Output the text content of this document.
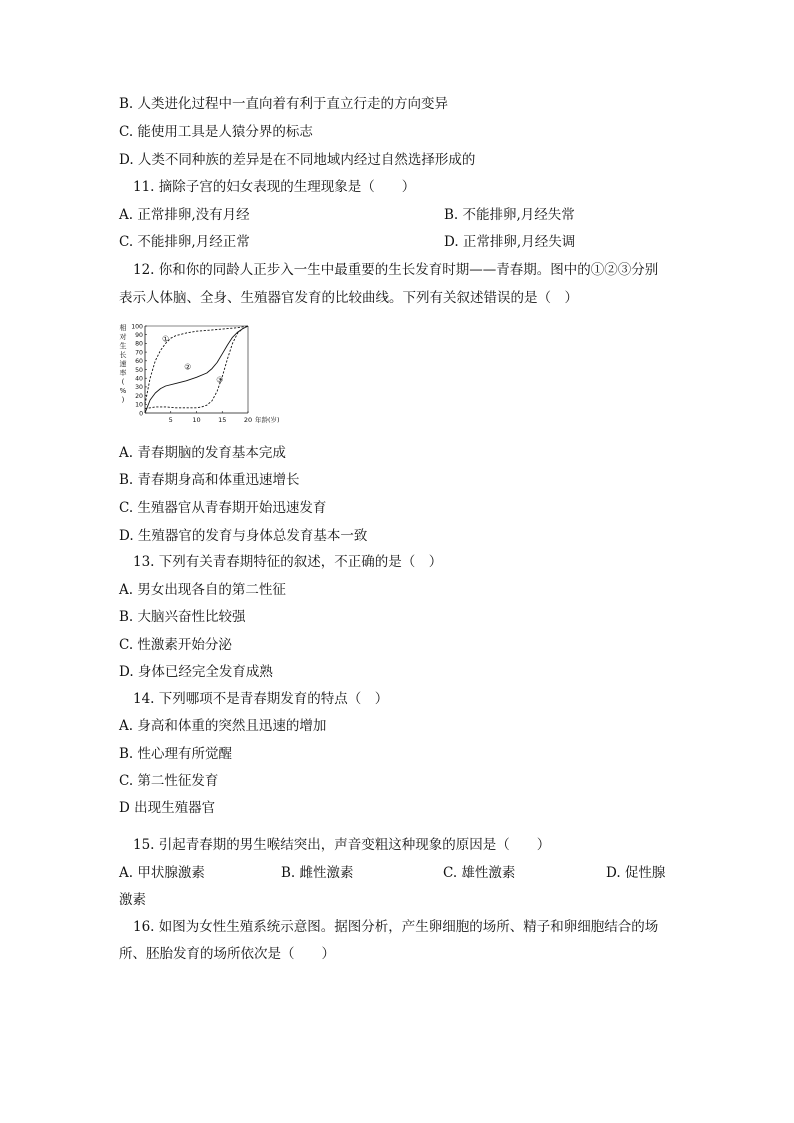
B. 人类进化过程中一直向着有利于直立行走的方向变异
C. 能使用工具是人猿分界的标志
D. 人类不同种族的差异是在不同地域内经过自然选择形成的
11. 摘除子宫的妇女表现的生理现象是（　　）
A. 正常排卵,没有月经	B. 不能排卵,月经失常
C. 不能排卵,月经正常	D. 正常排卵,月经失调
12. 你和你的同龄人正步入一生中最重要的生长发育时期——青春期。图中的①②③分别
表示人体脑、全身、生殖器官发育的比较曲线。下列有关叙述错误的是（　）
相
对
生
长
速
率
(
%
)
0
10
20
30
40
50
60
70
80
90
100
5	10	15	20 年龄(岁)
①
②
③
A. 青春期脑的发育基本完成
B. 青春期身高和体重迅速增长
C. 生殖器官从青春期开始迅速发育
D. 生殖器官的发育与身体总发育基本一致
13. 下列有关青春期特征的叙述，不正确的是（　）
A. 男女出现各自的第二性征
B. 大脑兴奋性比较强
C. 性激素开始分泌
D. 身体已经完全发育成熟
14. 下列哪项不是青春期发育的特点（　）
A. 身高和体重的突然且迅速的增加
B. 性心理有所觉醒
C. 第二性征发育
D 出现生殖器官
15. 引起青春期的男生喉结突出，声音变粗这种现象的原因是（　　）
A. 甲状腺激素	B. 雌性激素	C. 雄性激素	D. 促性腺
激素
16. 如图为女性生殖系统示意图。据图分析，产生卵细胞的场所、精子和卵细胞结合的场
所、胚胎发育的场所依次是（　　）
